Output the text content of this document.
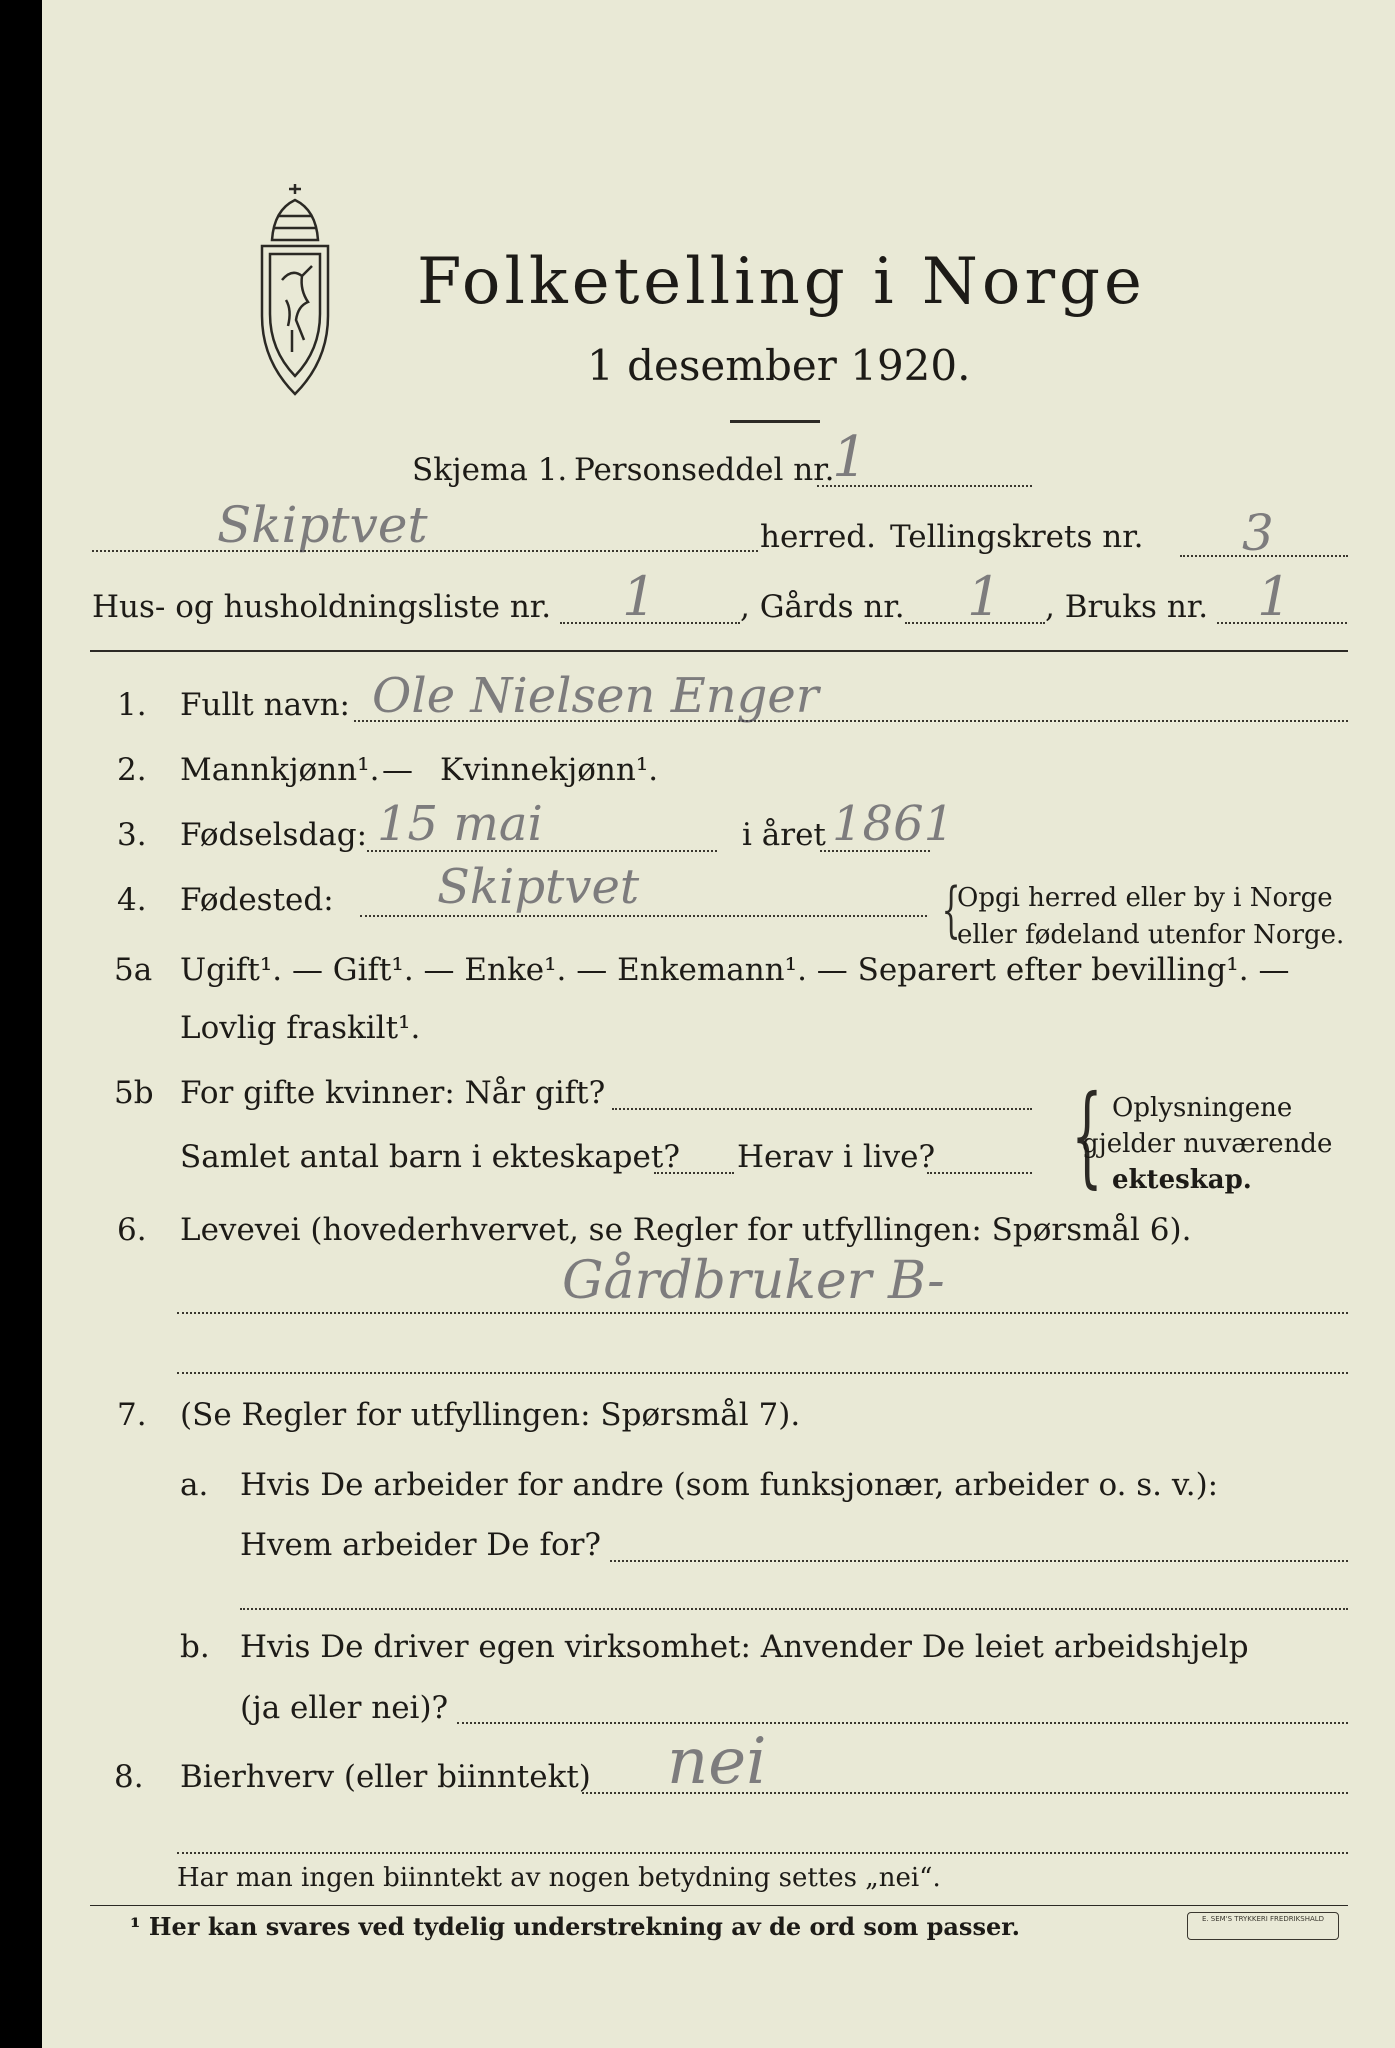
Folketelling i Norge
1 desember 1920.
Skjema 1. Personseddel nr.
1
Skiptvet	herred. Tellingskrets nr. 3
Hus- og husholdningsliste nr. 1	, Gårds nr. 1 , Bruks nr. 1
1. Fullt navn: Ole Nielsen Enger
2. Mannkjønn¹. — Kvinnekjønn¹.
3. Fødselsdag: 15 mai	i året 1861
4. Fødested: Skiptvet	{
Opgi herred eller by i Norge
eller fødeland utenfor Norge.
5a Ugift¹. — Gift¹. — Enke¹. — Enkemann¹. — Separert efter bevilling¹. —
Lovlig fraskilt¹.
5b For gifte kvinner: Når gift?
Samlet antal barn i ekteskapet? Herav i live? { Oplysningene
gjelder nuværende
ekteskap.
6. Levevei (hovederhvervet, se Regler for utfyllingen: Spørsmål 6).
Gårdbruker B-
7. (Se Regler for utfyllingen: Spørsmål 7).
a. Hvis De arbeider for andre (som funksjonær, arbeider o. s. v.):
Hvem arbeider De for?
b. Hvis De driver egen virksomhet: Anvender De leiet arbeidshjelp
(ja eller nei)?
8. Bierhverv (eller biinntekt) nei
Har man ingen biinntekt av nogen betydning settes „nei“.
¹ Her kan svares ved tydelig understrekning av de ord som passer.	E. SEM'S TRYKKERI FREDRIKSHALD
